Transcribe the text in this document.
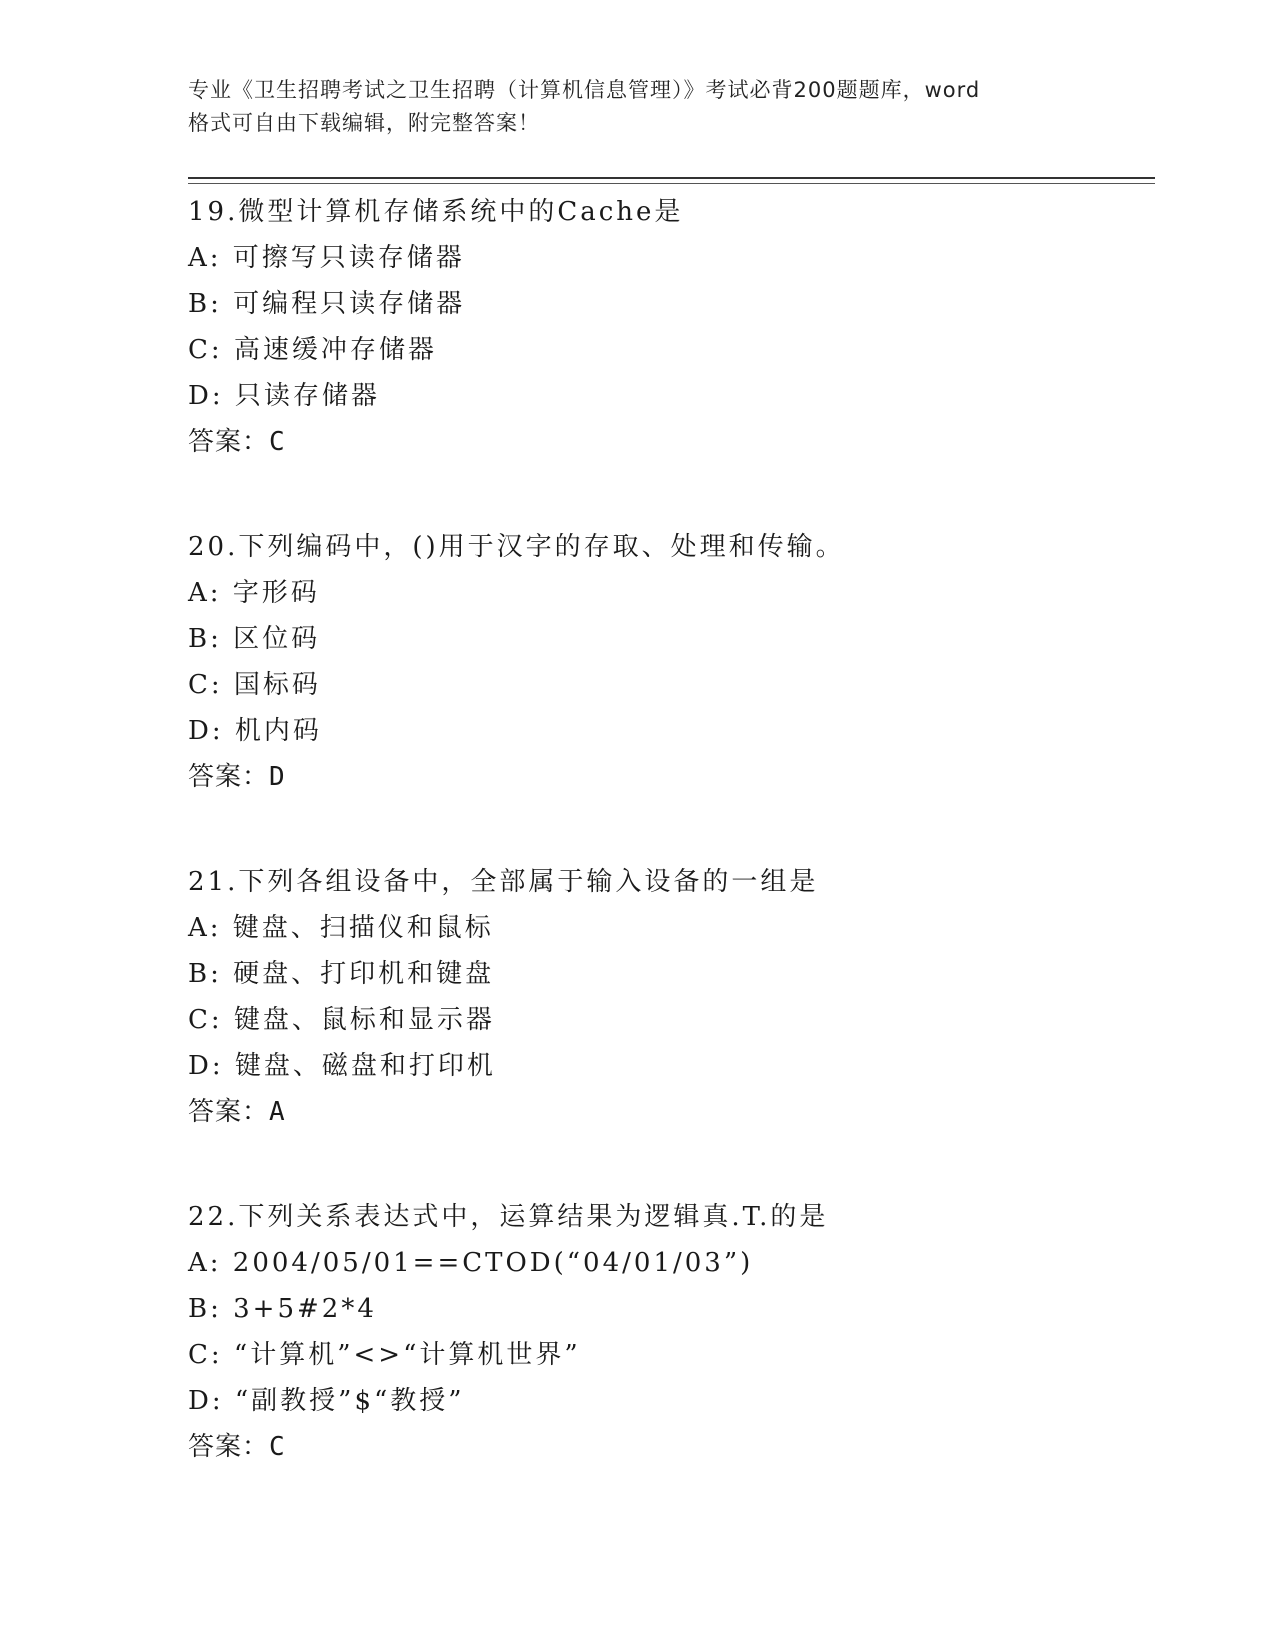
专业《卫生招聘考试之卫生招聘（计算机信息管理）》考试必背200题题库，word
格式可自由下载编辑，附完整答案！
19.微型计算机存储系统中的Cache是
A: 可擦写只读存储器
B: 可编程只读存储器
C: 高速缓冲存储器
D: 只读存储器
答案：C
20.下列编码中，()用于汉字的存取、处理和传输。
A: 字形码
B: 区位码
C: 国标码
D: 机内码
答案：D
21.下列各组设备中，全部属于输入设备的一组是
A: 键盘、扫描仪和鼠标
B: 硬盘、打印机和键盘
C: 键盘、鼠标和显示器
D: 键盘、磁盘和打印机
答案：A
22.下列关系表达式中，运算结果为逻辑真.T.的是
A: 2004/05/01==CTOD(“04/01/03”)
B: 3+5#2*4
C: “计算机”<>“计算机世界”
D: “副教授”$“教授”
答案：C
